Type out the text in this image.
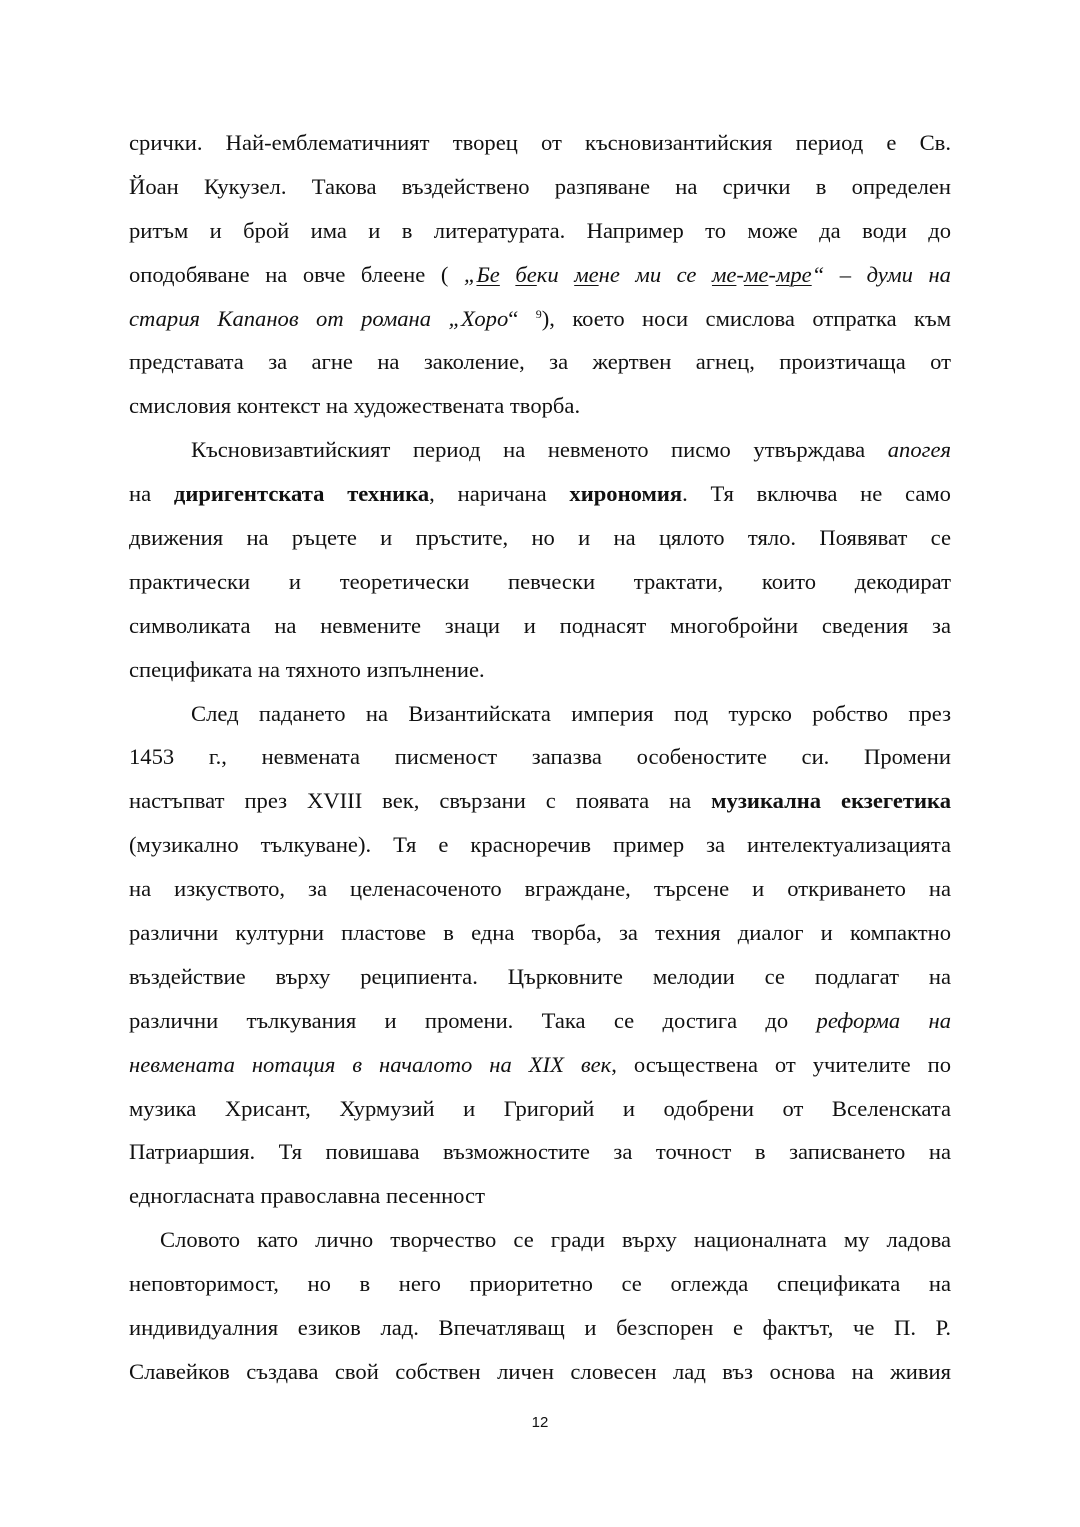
срички. Най-емблематичният творец от късновизантийския период е Св.
Йоан Кукузел. Такова въздействено разпяване на срички в определен
ритъм и брой има и в литературата. Например то може да води до
оподобяване на овче блеене ( „Бе беки мене ми се ме-ме-мре“ – думи на
стария Капанов от романа „Хоро“ $^9$), което носи смислова отпратка към
представата за агне на заколение, за жертвен агнец, произтичаща от
смисловия контекст на художествената творба.
Късновизавтийският период на невменото писмо утвърждава апогея
на диригентската техника, наричана хирономия. Тя включва не само
движения на ръцете и пръстите, но и на цялото тяло. Появяват се
практически и теоретически певчески трактати, които декодират
символиката на невмените знаци и поднасят многобройни сведения за
спецификата на тяхното изпълнение.
След падането на Византийската империя под турско робство през
1453 г., невмената писменост запазва особеностите си. Промени
настъпват през XVIII век, свързани с появата на музикална екзегетика
(музикално тълкуване). Тя е красноречив пример за интелектуализацията
на изкуството, за целенасоченото вграждане, търсене и откриването на
различни културни пластове в една творба, за техния диалог и компактно
въздействие върху реципиента. Църковните мелодии се подлагат на
различни тълкувания и промени. Така се достига до реформа на
невмената нотация в началото на XIX век, осъществена от учителите по
музика Хрисант, Хурмузий и Григорий и одобрени от Вселенската
Патриаршия. Тя повишава възможностите за точност в записването на
едногласната православна песенност
Словото като лично творчество се гради върху националната му ладова
неповторимост, но в него приоритетно се оглежда спецификата на
индивидуалния езиков лад. Впечатляващ и безспорен е фактът, че П. Р.
Славейков създава свой собствен личен словесен лад въз основа на живия
12
